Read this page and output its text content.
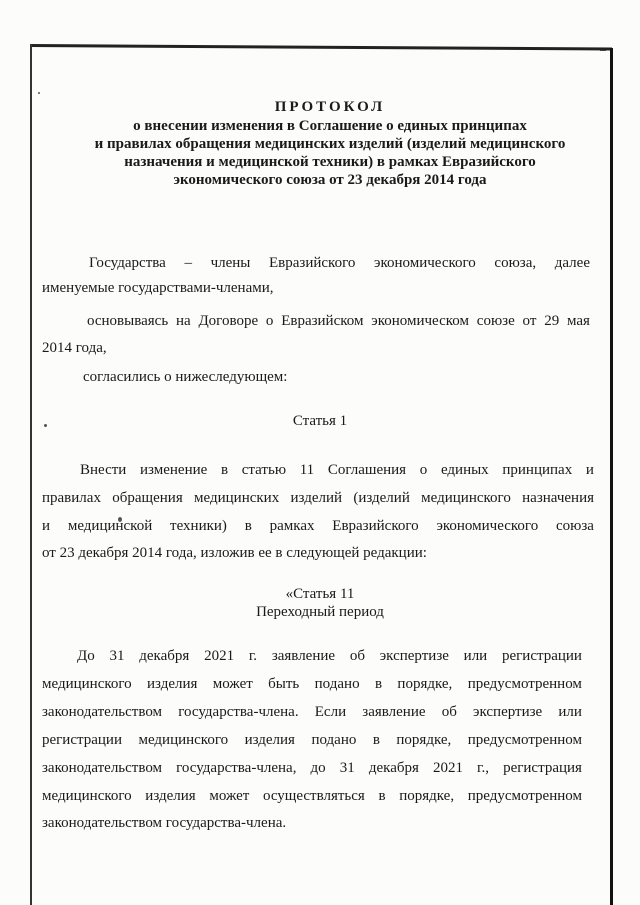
ПРОТОКОЛ
о внесении изменения в Соглашение о единых принципах
и правилах обращения медицинских изделий (изделий медицинского
назначения и медицинской техники) в рамках Евразийского
экономического союза от 23 декабря 2014 года
Государства – члены Евразийского экономического союза, далее
именуемые государствами-членами,
основываясь на Договоре о Евразийском экономическом союзе от 29 мая
2014 года,
согласились о нижеследующем:
Статья 1
Внести изменение в статью 11 Соглашения о единых принципах и
правилах обращения медицинских изделий (изделий медицинского назначения
и медицинской техники) в рамках Евразийского экономического союза
от 23 декабря 2014 года, изложив ее в следующей редакции:
«Статья 11
Переходный период
До 31 декабря 2021 г. заявление об экспертизе или регистрации
медицинского изделия может быть подано в порядке, предусмотренном
законодательством государства-члена. Если заявление об экспертизе или
регистрации медицинского изделия подано в порядке, предусмотренном
законодательством государства-члена, до 31 декабря 2021 г., регистрация
медицинского изделия может осуществляться в порядке, предусмотренном
законодательством государства-члена.
